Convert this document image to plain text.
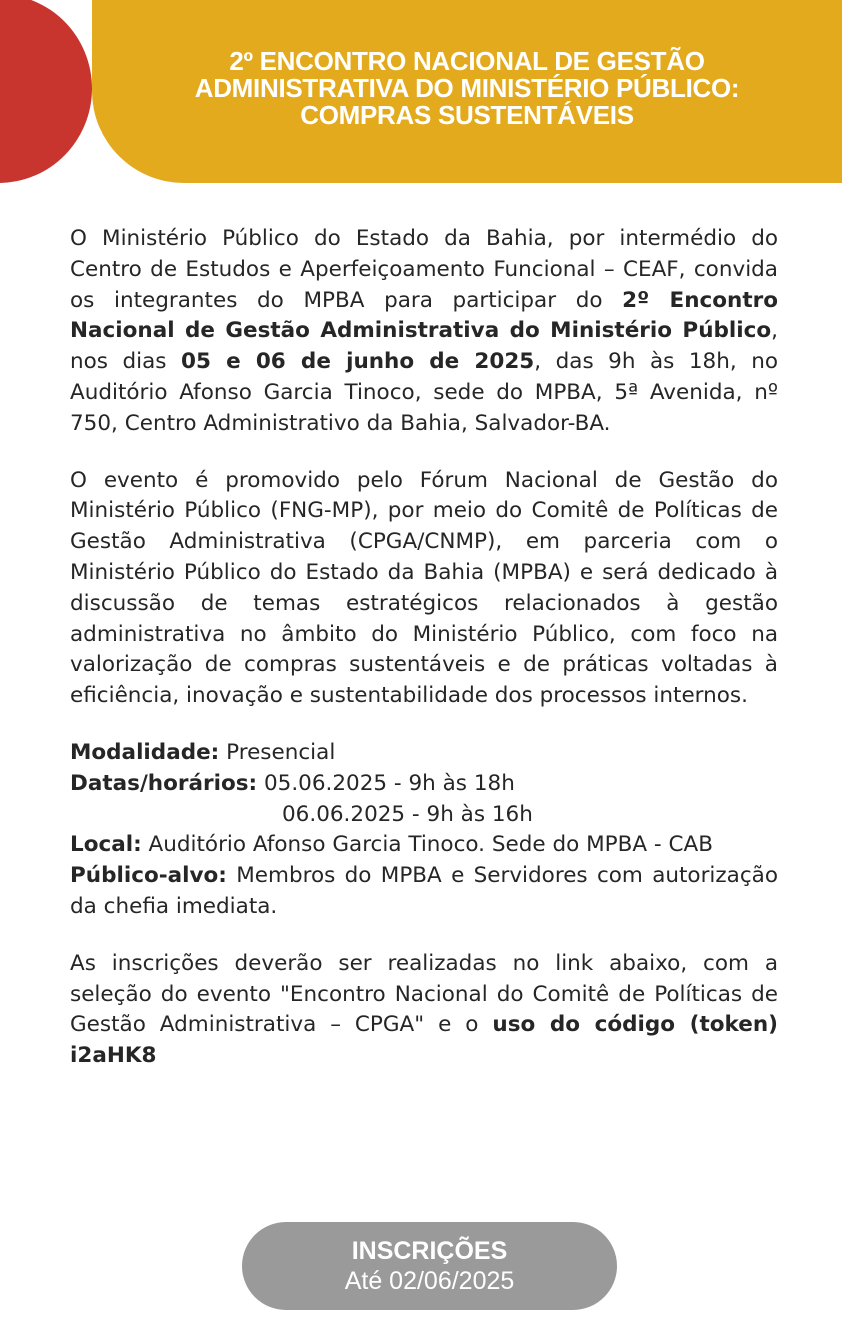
2º ENCONTRO NACIONAL DE GESTÃO
ADMINISTRATIVA DO MINISTÉRIO PÚBLICO:
COMPRAS SUSTENTÁVEIS

O Ministério Público do Estado da Bahia, por intermédio do Centro de Estudos e Aperfeiçoamento Funcional – CEAF, convida os integrantes do MPBA para participar do 2º Encontro Nacional de Gestão Administrativa do Ministério Público, nos dias 05 e 06 de junho de 2025, das 9h às 18h, no Auditório Afonso Garcia Tinoco, sede do MPBA, 5ª Avenida, nº 750, Centro Administrativo da Bahia, Salvador-BA.

O evento é promovido pelo Fórum Nacional de Gestão do Ministério Público (FNG-MP), por meio do Comitê de Políticas de Gestão Administrativa (CPGA/CNMP), em parceria com o Ministério Público do Estado da Bahia (MPBA) e será dedicado à discussão de temas estratégicos relacionados à gestão administrativa no âmbito do Ministério Público, com foco na valorização de compras sustentáveis e de práticas voltadas à eficiência, inovação e sustentabilidade dos processos internos.

Modalidade: Presencial

Datas/horários: 05.06.2025 - 9h às 18h

06.06.2025 - 9h às 16h

Local: Auditório Afonso Garcia Tinoco. Sede do MPBA - CAB

Público-alvo: Membros do MPBA e Servidores com autorização da chefia imediata.

As inscrições deverão ser realizadas no link abaixo, com a seleção do evento "Encontro Nacional do Comitê de Políticas de Gestão Administrativa – CPGA" e o uso do código (token) i2aHK8

INSCRIÇÕES
Até 02/06/2025
